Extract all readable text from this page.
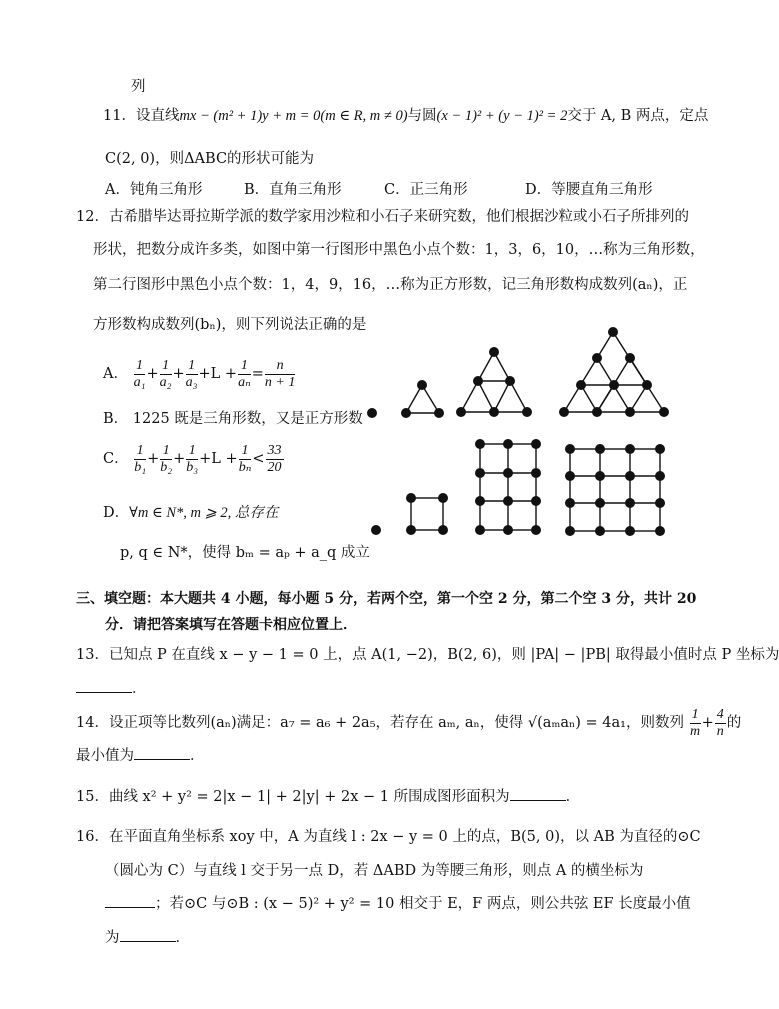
列
11．设直线mx − (m² + 1)y + m = 0(m ∈ R, m ≠ 0)与圆(x − 1)² + (y − 1)² = 2交于 A, B 两点，定点
C(2, 0)，则ΔABC的形状可能为
A．钝角三角形	B．直角三角形	C．正三角形	D．等腰直角三角形
12．古希腊毕达哥拉斯学派的数学家用沙粒和小石子来研究数，他们根据沙粒或小石子所排列的
形状，把数分成许多类，如图中第一行图形中黑色小点个数：1，3，6，10，…称为三角形数，
第二行图形中黑色小点个数：1，4，9，16，…称为正方形数，记三角形数构成数列(aₙ)，正
方形数构成数列(bₙ)，则下列说法正确的是
A． $\frac{1}{\text{a₁}} + \frac{1}{\text{a₂}} + \frac{1}{\text{a₃}} +L + \frac{1}{\text{aₙ}} = \frac{n}{n + 1}$
B． 1225 既是三角形数，又是正方形数
C． $\frac{1}{\text{b₁}} + \frac{1}{\text{b₂}} + \frac{1}{\text{b₃}} +L + \frac{1}{\text{bₙ}} < \frac{33}{20}$
D．∀m ∈ N*, m ⩾ 2, 总存在
p, q ∈ N*，使得 bₘ = aₚ + a_q 成立
三、填空题：本大题共 4 小题，每小题 5 分，若两个空，第一个空 2 分，第二个空 3 分，共计 20
分．请把答案填写在答题卡相应位置上．
13．已知点 P 在直线 x − y − 1 = 0 上，点 A(1, −2)，B(2, 6)，则 |PA| − |PB| 取得最小值时点 P 坐标为
．
14．设正项等比数列(aₙ)满足：a₇ = a₆ + 2a₅，若存在 aₘ, aₙ，使得 √(aₘaₙ) = 4a₁，则数列 $\frac{1}{m} + \frac{4}{n}$ 的
最小值为	．
15．曲线 x² + y² = 2|x − 1| + 2|y| + 2x − 1 所围成图形面积为	．
16．在平面直角坐标系 xoy 中，A 为直线 l : 2x − y = 0 上的点，B(5, 0)，以 AB 为直径的⊙C
（圆心为 C）与直线 l 交于另一点 D，若 ΔABD 为等腰三角形，则点 A 的横坐标为
；若⊙C 与⊙B : (x − 5)² + y² = 10 相交于 E，F 两点，则公共弦 EF 长度最小值
为	．
